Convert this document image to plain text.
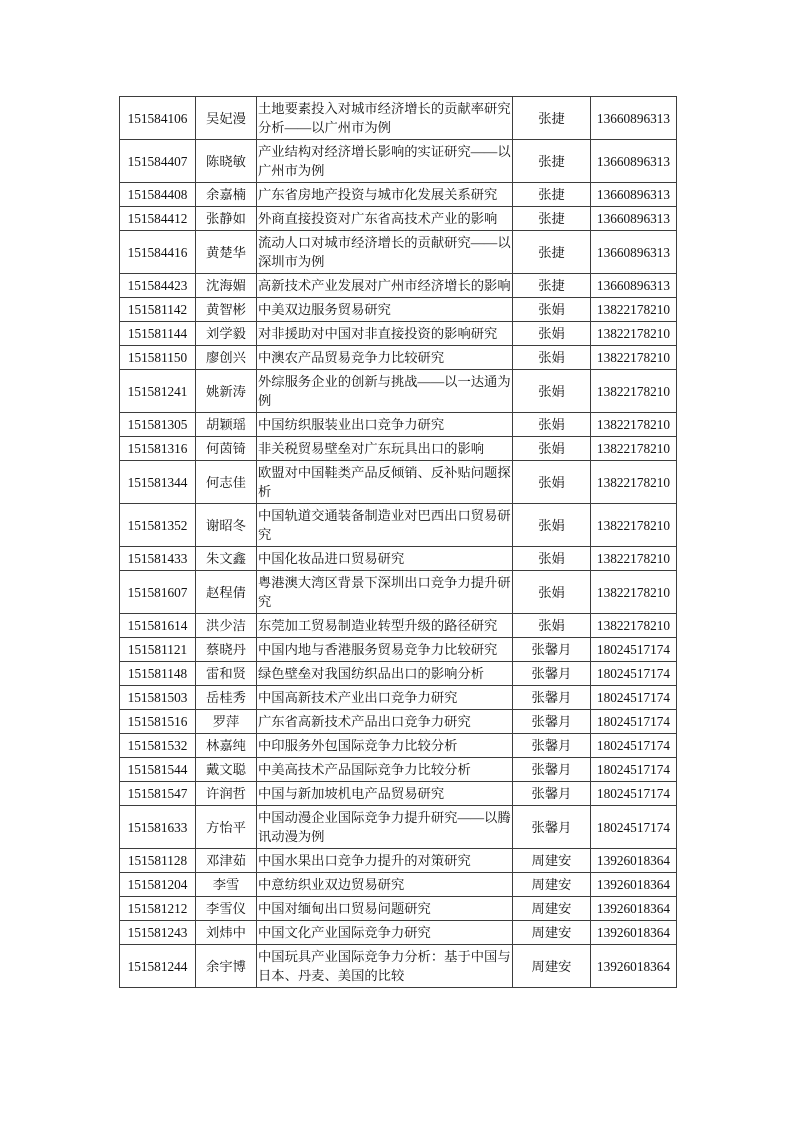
151584106	吴妃漫	土地要素投入对城市经济增长的贡献率研究分析——以广州市为例	张捷	13660896313
151584407	陈晓敏	产业结构对经济增长影响的实证研究——以广州市为例	张捷	13660896313
151584408	余嘉楠	广东省房地产投资与城市化发展关系研究	张捷	13660896313
151584412	张静如	外商直接投资对广东省高技术产业的影响	张捷	13660896313
151584416	黄楚华	流动人口对城市经济增长的贡献研究——以深圳市为例	张捷	13660896313
151584423	沈海媚	高新技术产业发展对广州市经济增长的影响	张捷	13660896313
151581142	黄智彬	中美双边服务贸易研究	张娟	13822178210
151581144	刘学毅	对非援助对中国对非直接投资的影响研究	张娟	13822178210
151581150	廖创兴	中澳农产品贸易竞争力比较研究	张娟	13822178210
151581241	姚新涛	外综服务企业的创新与挑战——以一达通为例	张娟	13822178210
151581305	胡颖瑶	中国纺织服装业出口竞争力研究	张娟	13822178210
151581316	何茵锜	非关税贸易壁垒对广东玩具出口的影响	张娟	13822178210
151581344	何志佳	欧盟对中国鞋类产品反倾销、反补贴问题探析	张娟	13822178210
151581352	谢昭冬	中国轨道交通装备制造业对巴西出口贸易研究	张娟	13822178210
151581433	朱文鑫	中国化妆品进口贸易研究	张娟	13822178210
151581607	赵程倩	粤港澳大湾区背景下深圳出口竞争力提升研究	张娟	13822178210
151581614	洪少洁	东莞加工贸易制造业转型升级的路径研究	张娟	13822178210
151581121	蔡晓丹	中国内地与香港服务贸易竞争力比较研究	张馨月	18024517174
151581148	雷和贤	绿色壁垒对我国纺织品出口的影响分析	张馨月	18024517174
151581503	岳桂秀	中国高新技术产业出口竞争力研究	张馨月	18024517174
151581516	罗萍	广东省高新技术产品出口竞争力研究	张馨月	18024517174
151581532	林嘉纯	中印服务外包国际竞争力比较分析	张馨月	18024517174
151581544	戴文聪	中美高技术产品国际竞争力比较分析	张馨月	18024517174
151581547	许润哲	中国与新加坡机电产品贸易研究	张馨月	18024517174
151581633	方怡平	中国动漫企业国际竞争力提升研究——以腾讯动漫为例	张馨月	18024517174
151581128	邓津茹	中国水果出口竞争力提升的对策研究	周建安	13926018364
151581204	李雪	中意纺织业双边贸易研究	周建安	13926018364
151581212	李雪仪	中国对缅甸出口贸易问题研究	周建安	13926018364
151581243	刘炜中	中国文化产业国际竞争力研究	周建安	13926018364
151581244	余宇博	中国玩具产业国际竞争力分析：基于中国与日本、丹麦、美国的比较	周建安	13926018364
